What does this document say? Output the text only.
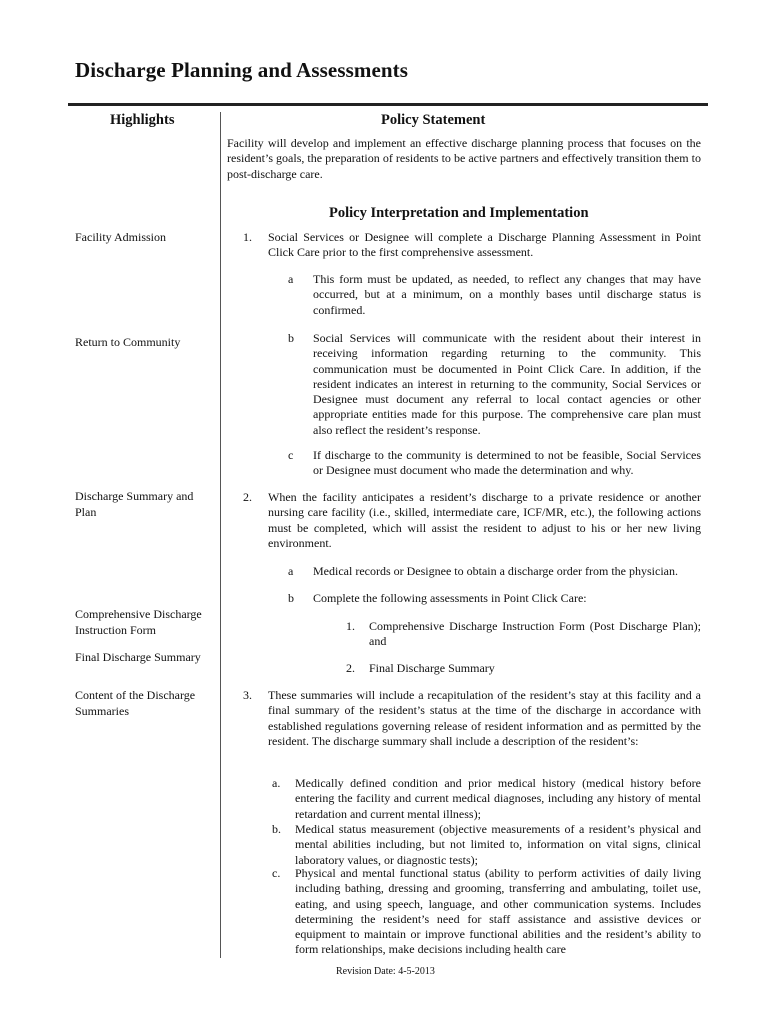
Discharge Planning and Assessments
Highlights	Policy Statement
Facility will develop and implement an effective discharge planning process that focuses on the resident’s goals, the preparation of residents to be active partners and effectively transition them to post-discharge care.
Policy Interpretation and Implementation
Facility Admission
Return to Community
Discharge Summary and Plan
Comprehensive Discharge Instruction Form
Final Discharge Summary
Content of the Discharge Summaries
1. Social Services or Designee will complete a Discharge Planning Assessment in Point Click Care prior to the first comprehensive assessment.
a This form must be updated, as needed, to reflect any changes that may have occurred, but at a minimum, on a monthly bases until discharge status is confirmed.
b Social Services will communicate with the resident about their interest in receiving information regarding returning to the community. This communication must be documented in Point Click Care. In addition, if the resident indicates an interest in returning to the community, Social Services or Designee must document any referral to local contact agencies or other appropriate entities made for this purpose. The comprehensive care plan must also reflect the resident’s response.
c If discharge to the community is determined to not be feasible, Social Services or Designee must document who made the determination and why.
2. When the facility anticipates a resident’s discharge to a private residence or another nursing care facility (i.e., skilled, intermediate care, ICF/MR, etc.), the following actions must be completed, which will assist the resident to adjust to his or her new living environment.
a Medical records or Designee to obtain a discharge order from the physician.
b Complete the following assessments in Point Click Care:
1. Comprehensive Discharge Instruction Form (Post Discharge Plan); and
2. Final Discharge Summary
3. These summaries will include a recapitulation of the resident’s stay at this facility and a final summary of the resident’s status at the time of the discharge in accordance with established regulations governing release of resident information and as permitted by the resident. The discharge summary shall include a description of the resident’s:
a. Medically defined condition and prior medical history (medical history before entering the facility and current medical diagnoses, including any history of mental retardation and current mental illness);
b. Medical status measurement (objective measurements of a resident’s physical and mental abilities including, but not limited to, information on vital signs, clinical laboratory values, or diagnostic tests);
c. Physical and mental functional status (ability to perform activities of daily living including bathing, dressing and grooming, transferring and ambulating, toilet use, eating, and using speech, language, and other communication systems. Includes determining the resident’s need for staff assistance and assistive devices or equipment to maintain or improve functional abilities and the resident’s ability to form relationships, make decisions including health care
Revision Date: 4-5-2013
